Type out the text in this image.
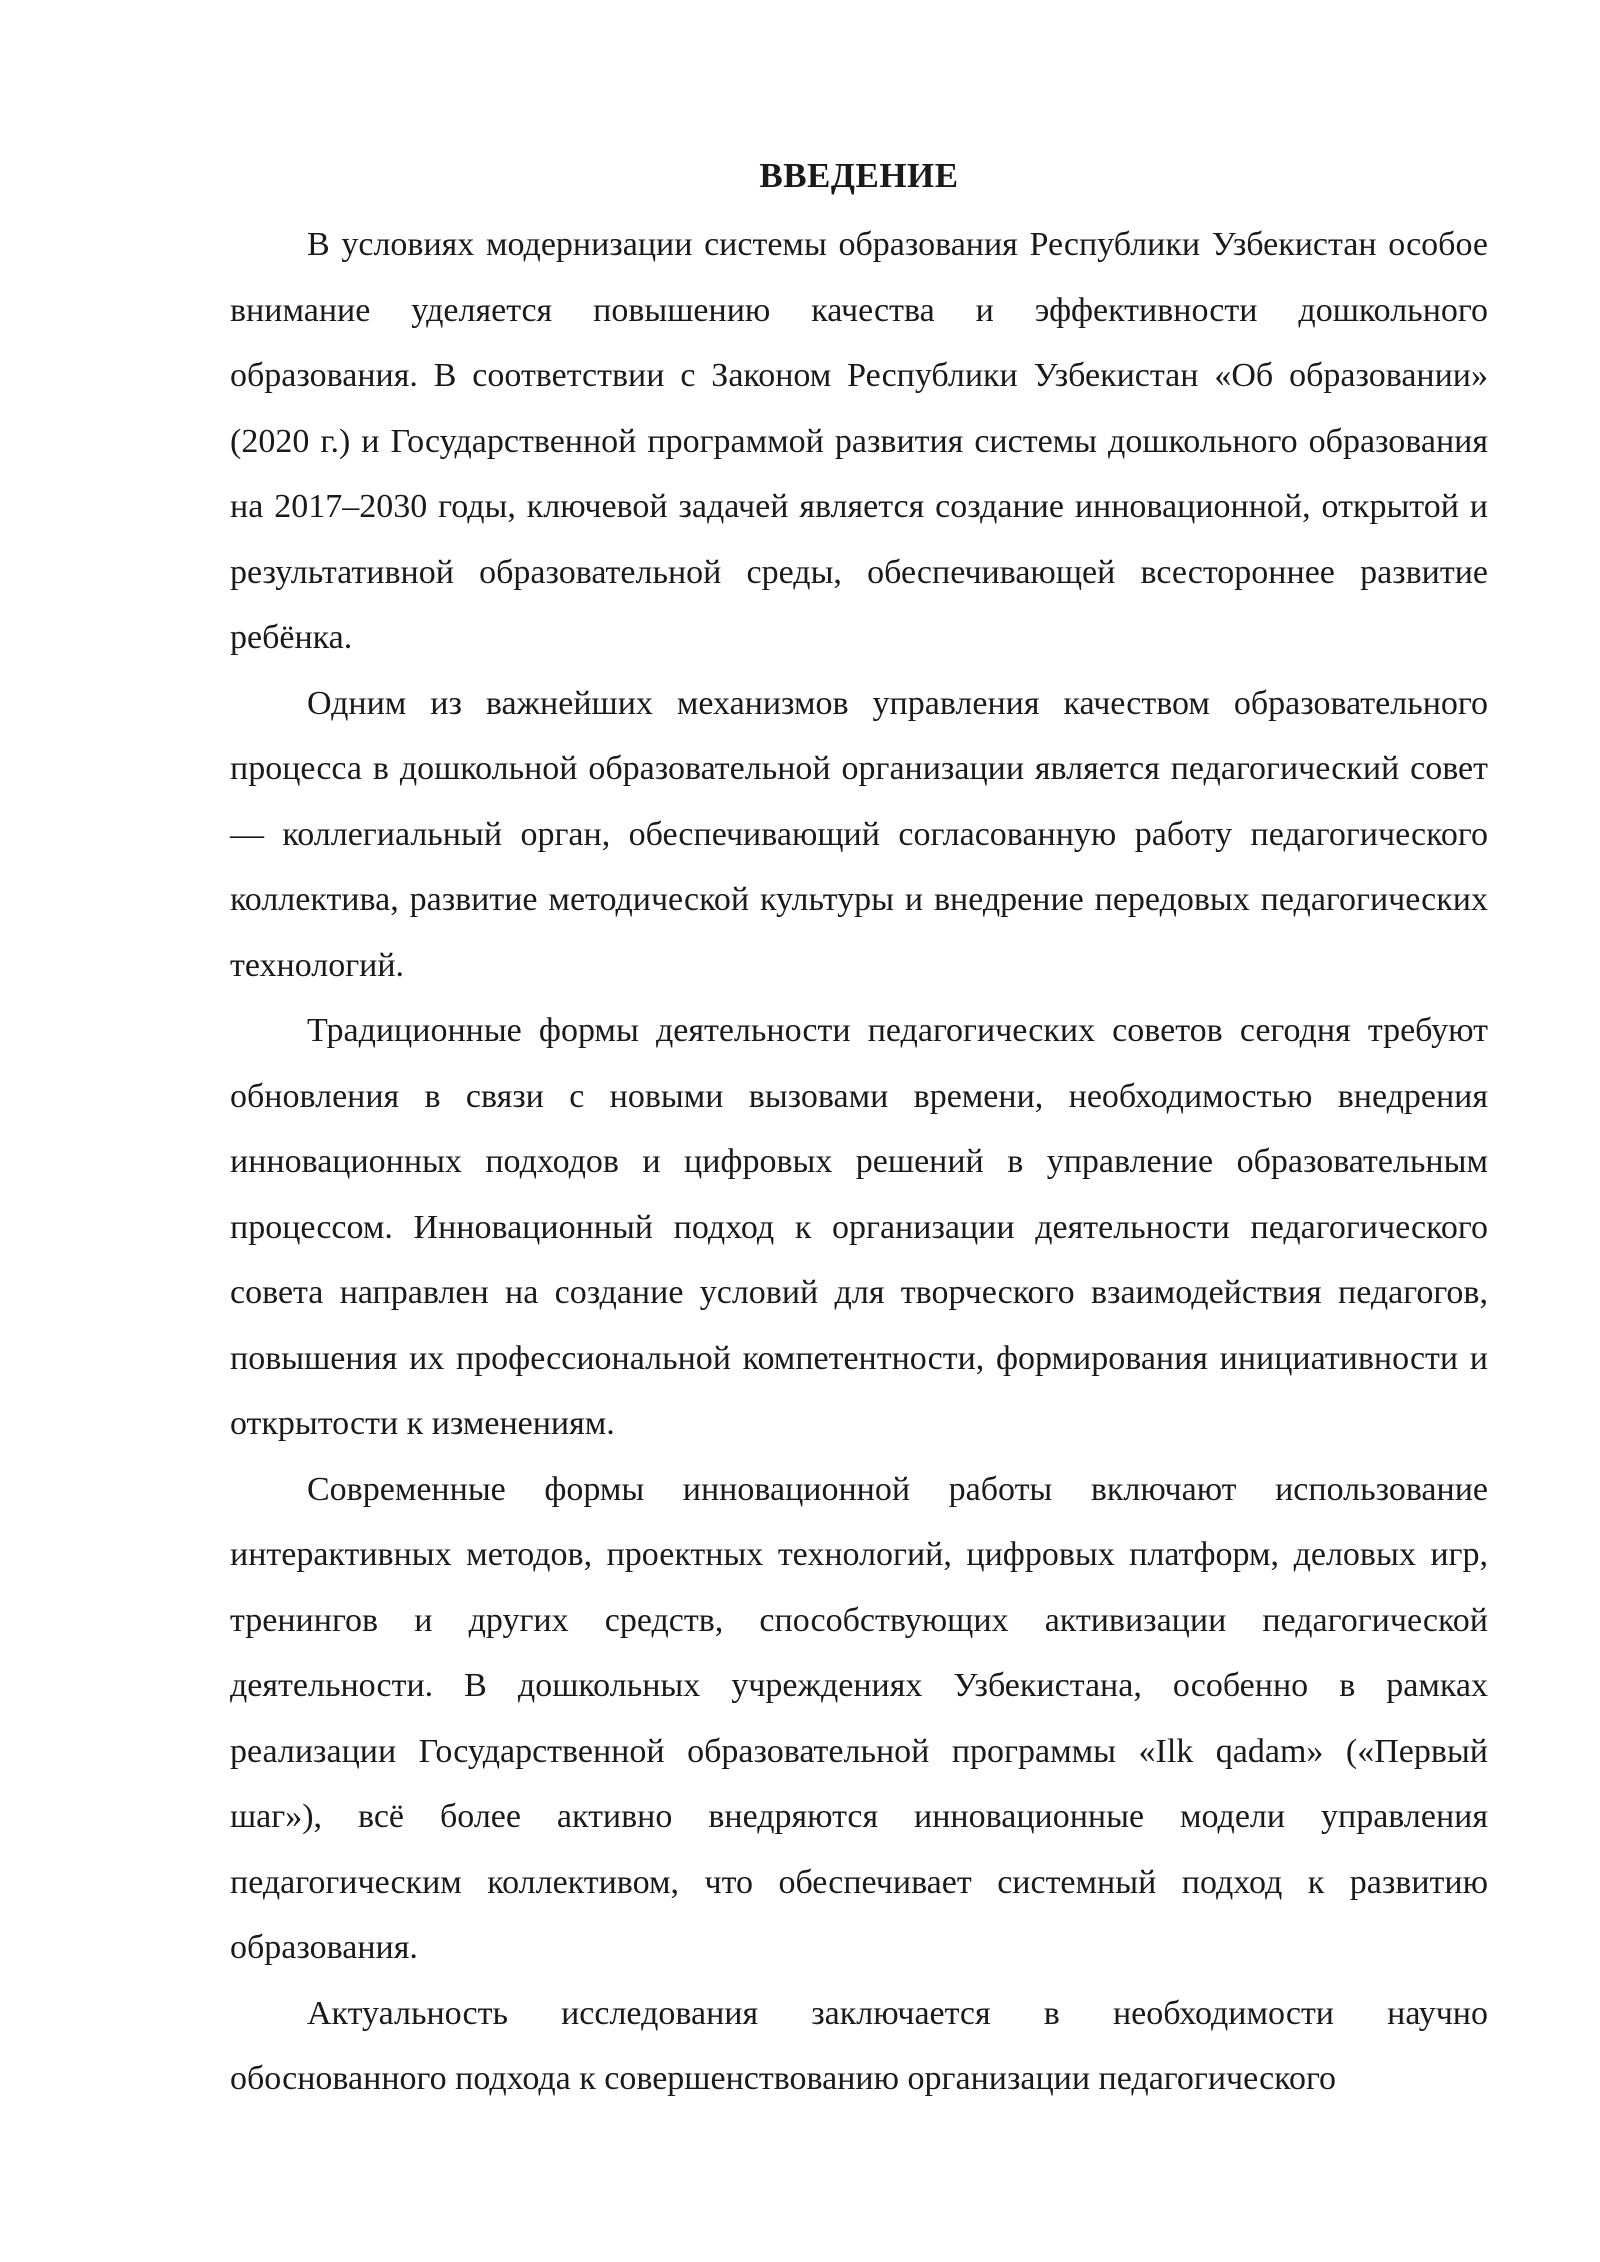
ВВЕДЕНИЕ

В условиях модернизации системы образования Республики Узбекистан особое внимание уделяется повышению качества и эффективности дошкольного образования. В соответствии с Законом Республики Узбекистан «Об образовании» (2020 г.) и Государственной программой развития системы дошкольного образования на 2017–2030 годы, ключевой задачей является создание инновационной, открытой и результативной образовательной среды, обеспечивающей всестороннее развитие ребёнка.

Одним из важнейших механизмов управления качеством образовательного процесса в дошкольной образовательной организации является педагогический совет — коллегиальный орган, обеспечивающий согласованную работу педагогического коллектива, развитие методической культуры и внедрение передовых педагогических технологий.

Традиционные формы деятельности педагогических советов сегодня требуют обновления в связи с новыми вызовами времени, необходимостью внедрения инновационных подходов и цифровых решений в управление образовательным процессом. Инновационный подход к организации деятельности педагогического совета направлен на создание условий для творческого взаимодействия педагогов, повышения их профессиональной компетентности, формирования инициативности и открытости к изменениям.

Современные формы инновационной работы включают использование интерактивных методов, проектных технологий, цифровых платформ, деловых игр, тренингов и других средств, способствующих активизации педагогической деятельности. В дошкольных учреждениях Узбекистана, особенно в рамках реализации Государственной образовательной программы «Ilk qadam» («Первый шаг»), всё более активно внедряются инновационные модели управления педагогическим коллективом, что обеспечивает системный подход к развитию образования.

Актуальность исследования заключается в необходимости научно обоснованного подхода к совершенствованию организации педагогического
